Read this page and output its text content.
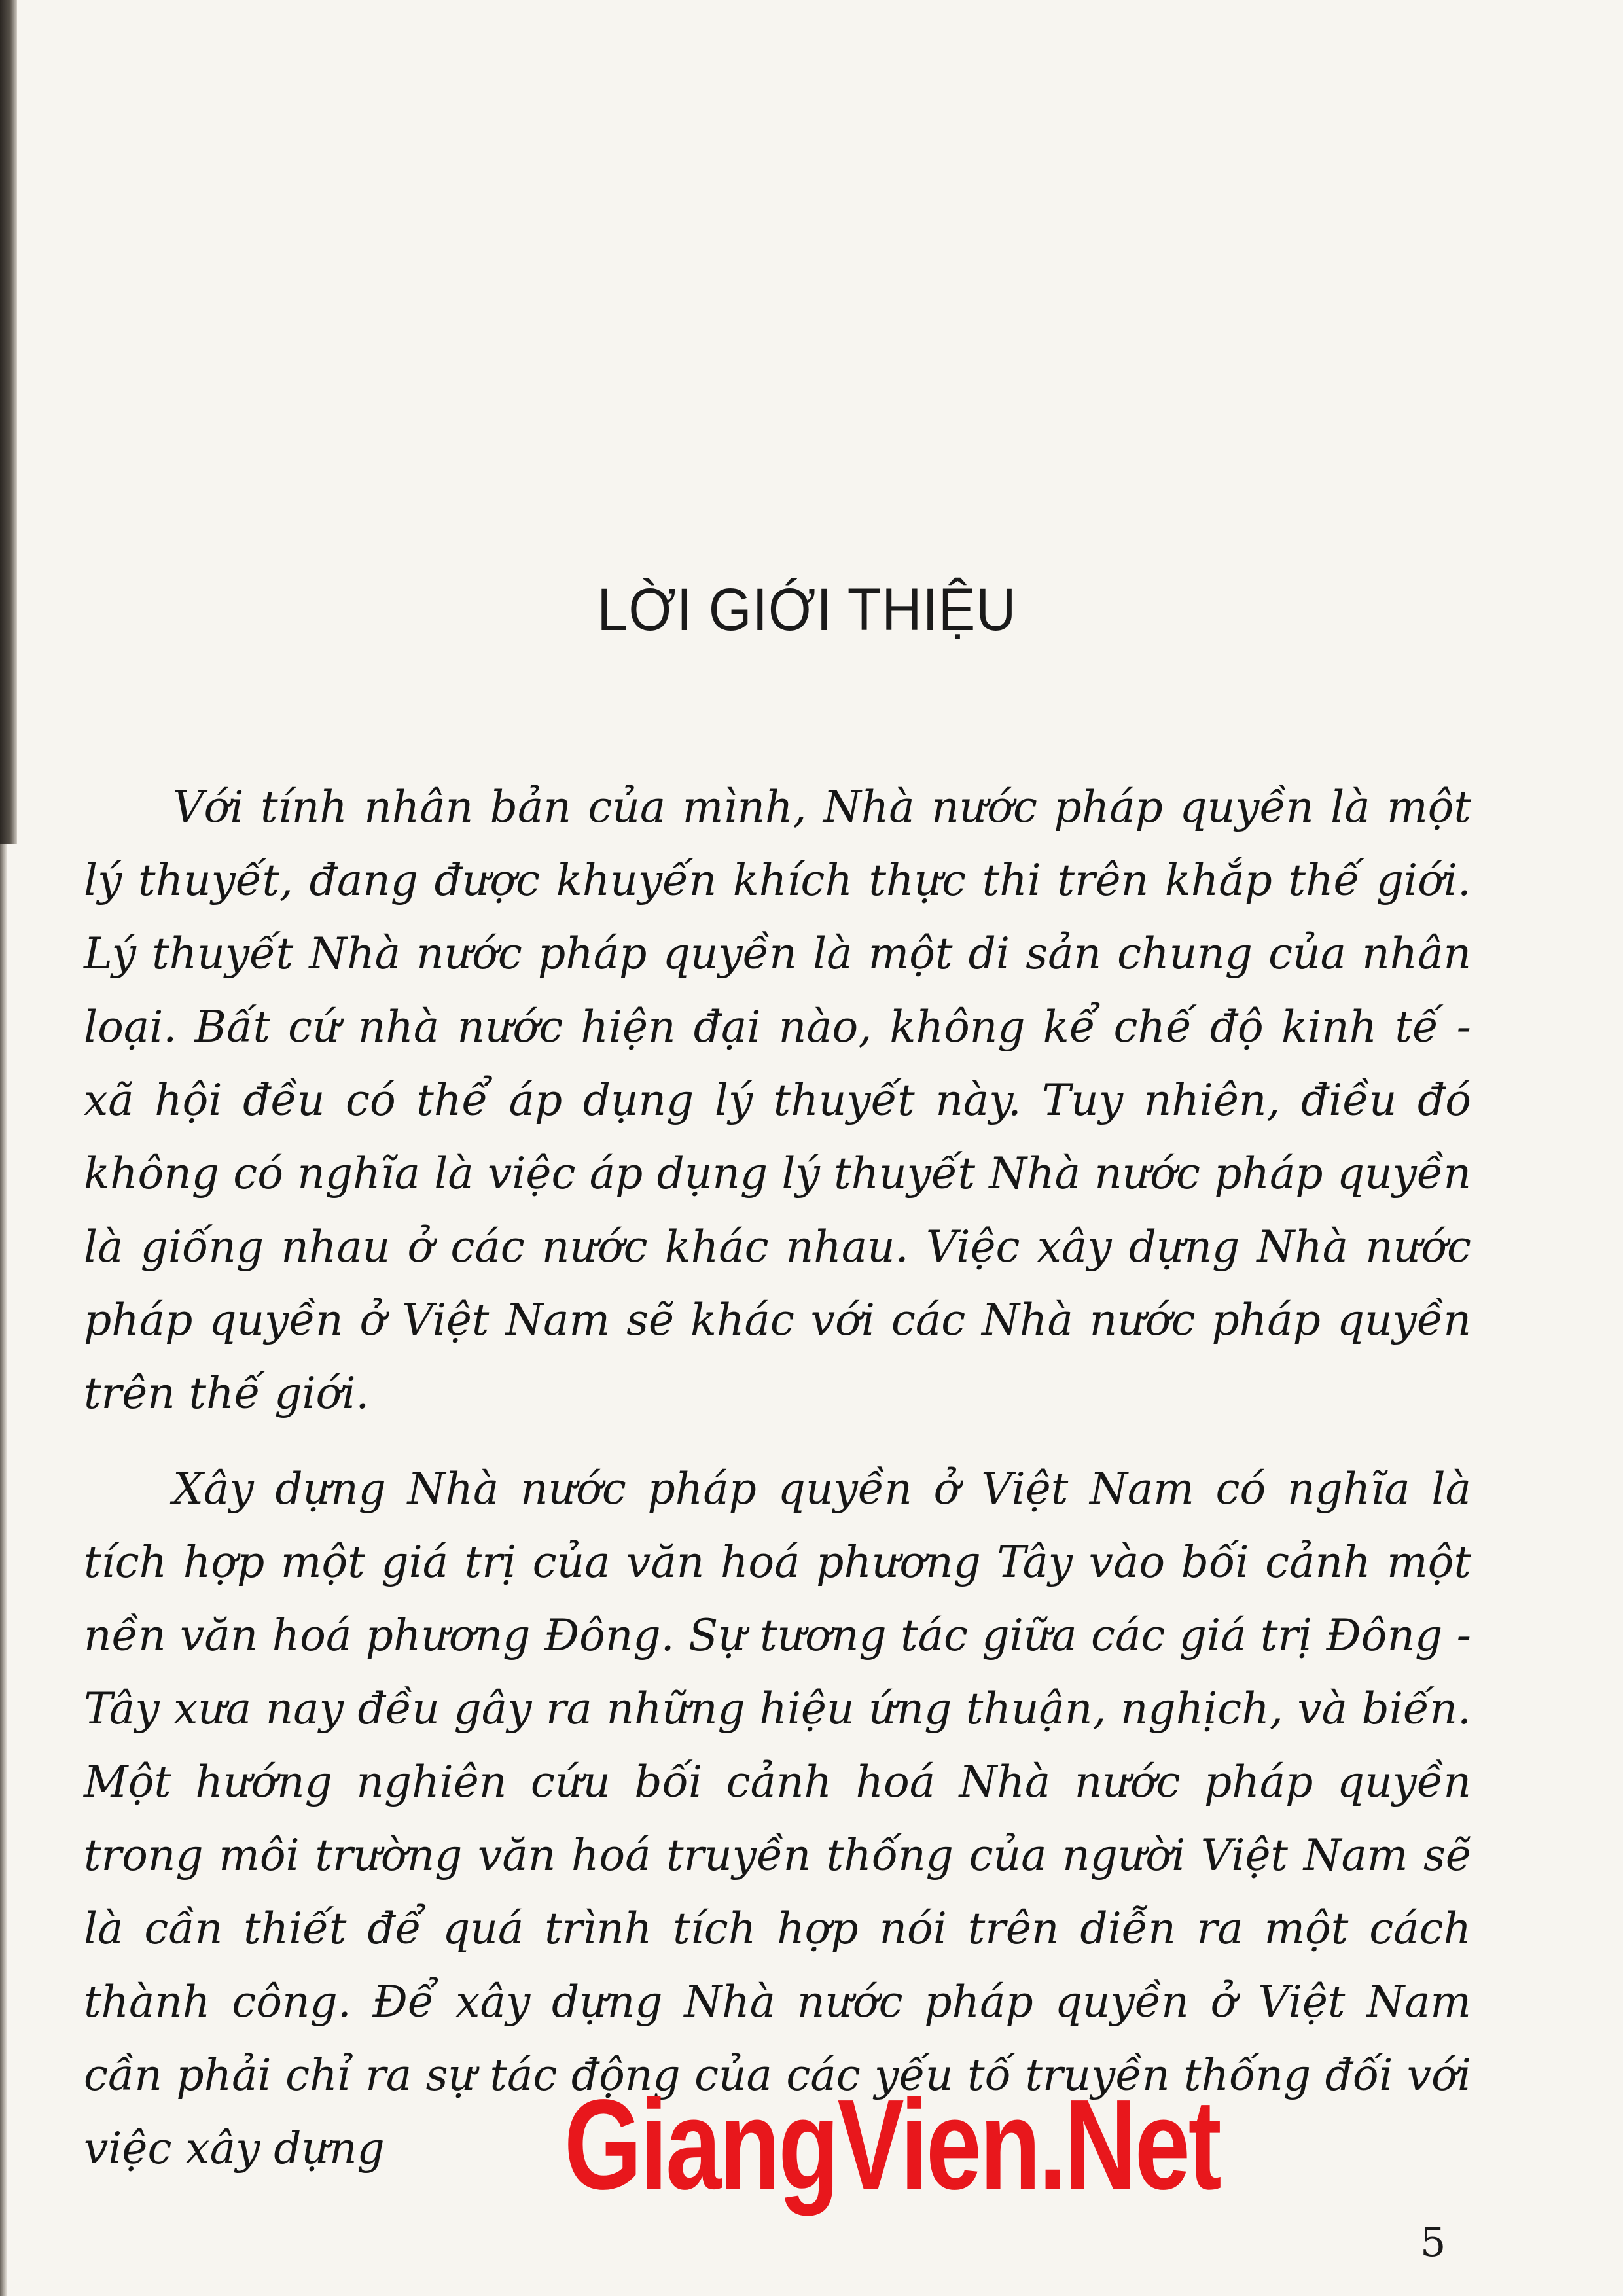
LỜI GIỚI THIỆU

Với tính nhân bản của mình, Nhà nước pháp quyền là một lý thuyết, đang được khuyến khích thực thi trên khắp thế giới. Lý thuyết Nhà nước pháp quyền là một di sản chung của nhân loại. Bất cứ nhà nước hiện đại nào, không kể chế độ kinh tế - xã hội đều có thể áp dụng lý thuyết này. Tuy nhiên, điều đó không có nghĩa là việc áp dụng lý thuyết Nhà nước pháp quyền là giống nhau ở các nước khác nhau. Việc xây dựng Nhà nước pháp quyền ở Việt Nam sẽ khác với các Nhà nước pháp quyền trên thế giới.

Xây dựng Nhà nước pháp quyền ở Việt Nam có nghĩa là tích hợp một giá trị của văn hoá phương Tây vào bối cảnh một nền văn hoá phương Đông. Sự tương tác giữa các giá trị Đông - Tây xưa nay đều gây ra những hiệu ứng thuận, nghịch, và biến. Một hướng nghiên cứu bối cảnh hoá Nhà nước pháp quyền trong môi trường văn hoá truyền thống của người Việt Nam sẽ là cần thiết để quá trình tích hợp nói trên diễn ra một cách thành công. Để xây dựng Nhà nước pháp quyền ở Việt Nam cần phải chỉ ra sự tác động của các yếu tố truyền thống đối với việc xây dựng	GiangVien.Net
5
